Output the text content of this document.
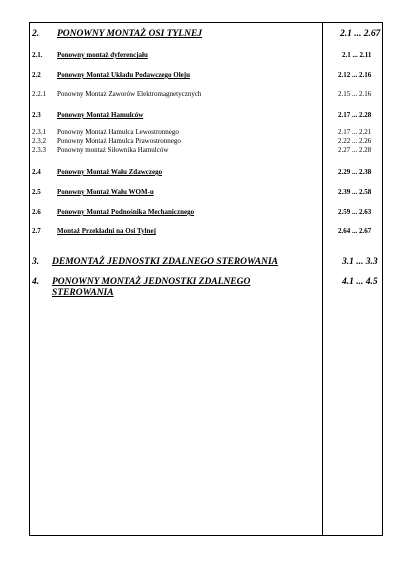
2. PONOWNY MONTAŻ OSI TYLNEJ	2.1 ... 2.67
2.1. Ponowny montaż dyferencjału	2.1 ... 2.11
2.2 Ponowny Montaż Układu Podawczego Oleju	2.12 ... 2.16
2.2.1 Ponowny Montaż Zaworów Elektromagnetycznych	2.15 ... 2.16
2.3 Ponowny Montaż Hamulców	2.17 ... 2.28
2.3.1 Ponowny Montaż Hamulca Lewostronnego	2.17 ... 2.21
2.3.2 Ponowny Montaż Hamulca Prawostronnego	2.22 ... 2.26
2.3.3 Ponowny montaż Siłownika Hamulców	2.27 ... 2.28
2.4 Ponowny Montaż Wału Zdawczego	2.29 ... 2.38
2.5 Ponowny Montaż Wału WOM-u	2.39 ... 2.58
2.6 Ponowny Montaż Podnośnika Mechanicznego	2.59 ... 2.63
2.7 Montaż Przekładni na Osi Tylnej	2.64 ... 2.67
3. DEMONTAŻ JEDNOSTKI ZDALNEGO STEROWANIA	3.1 ... 3.3
4. PONOWNY MONTAŻ JEDNOSTKI ZDALNEGO STEROWANIA
4.1 ... 4.5
